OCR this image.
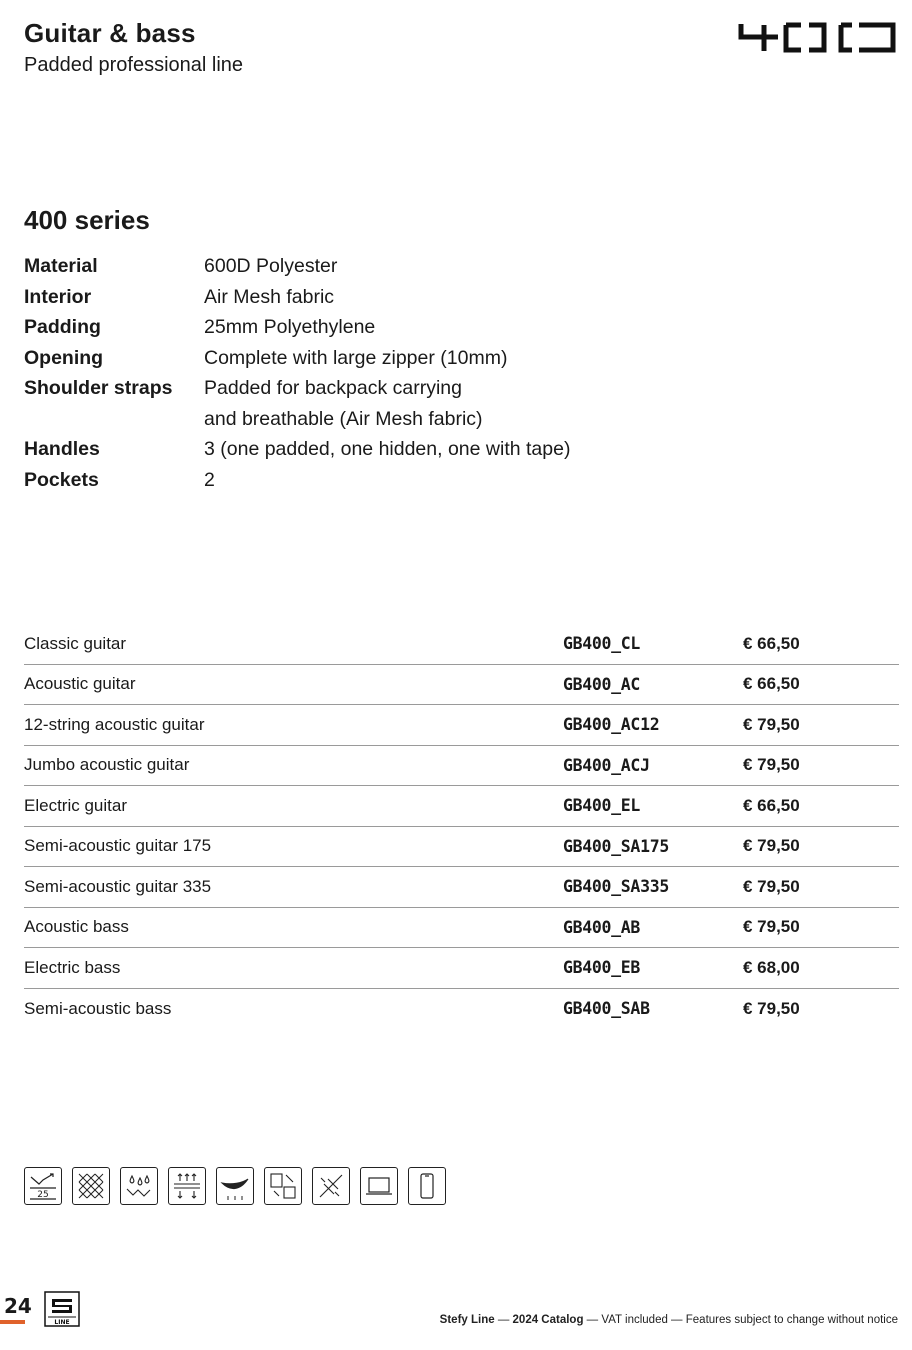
Guitar & bass
Padded professional line
400 series
Material	600D Polyester
Interior	Air Mesh fabric
Padding	25mm Polyethylene
Opening	Complete with large zipper (10mm)
Shoulder straps	Padded for backpack carrying
and breathable (Air Mesh fabric)
Handles	3 (one padded, one hidden, one with tape)
Pockets	2
Classic guitar	GB400_CL	€ 66,50
Acoustic guitar	GB400_AC	€ 66,50
12-string acoustic guitar	GB400_AC12	€ 79,50
Jumbo acoustic guitar	GB400_ACJ	€ 79,50
Electric guitar	GB400_EL	€ 66,50
Semi-acoustic guitar 175	GB400_SA175	€ 79,50
Semi-acoustic guitar 335	GB400_SA335	€ 79,50
Acoustic bass	GB400_AB	€ 79,50
Electric bass	GB400_EB	€ 68,00
Semi-acoustic bass	GB400_SAB	€ 79,50
25
24
LINE	Stefy Line — 2024 Catalog — VAT included — Features subject to change without notice
